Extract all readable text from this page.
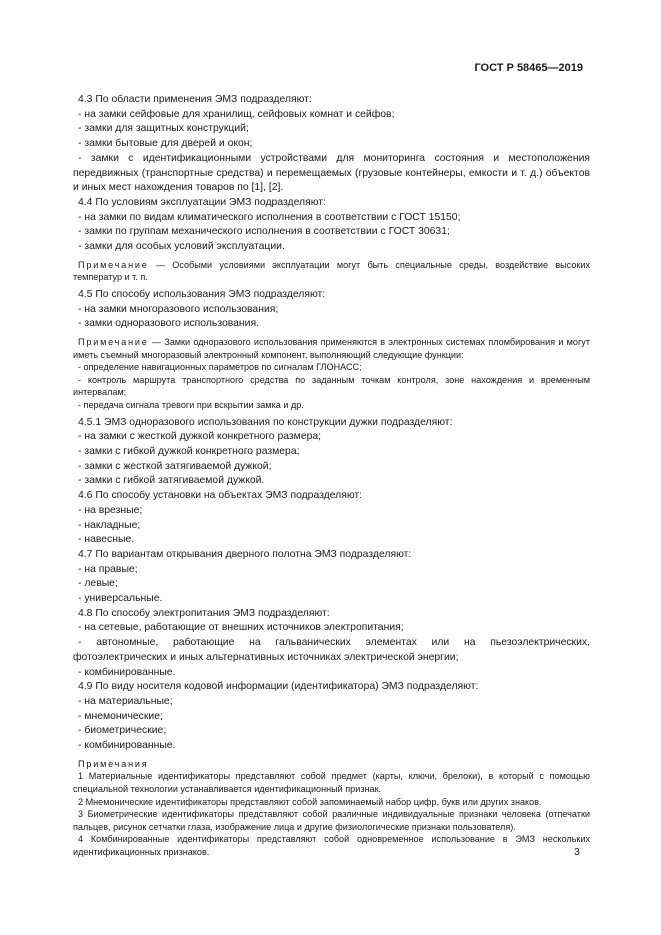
ГОСТ Р 58465—2019

4.3 По области применения ЭМЗ подразделяют:

- на замки сейфовые для хранилищ, сейфовых комнат и сейфов;

- замки для защитных конструкций;

- замки бытовые для дверей и окон;

- замки с идентификационными устройствами для мониторинга состояния и местоположения передвижных (транспортные средства) и перемещаемых (грузовые контейнеры, емкости и т. д.) объектов и иных мест нахождения товаров по [1], [2].

4.4 По условиям эксплуатации ЭМЗ подразделяют:

- на замки по видам климатического исполнения в соответствии с ГОСТ 15150;

- замки по группам механического исполнения в соответствии с ГОСТ 30631;

- замки для особых условий эксплуатации.

Примечание — Особыми условиями эксплуатации могут быть специальные среды, воздействие высоких температур и т. п.

4.5 По способу использования ЭМЗ подразделяют:

- на замки многоразового использования;

- замки одноразового использования.

Примечание — Замки одноразового использования применяются в электронных системах пломбирования и могут иметь съемный многоразовый электронный компонент, выполняющий следующие функции:

- определение навигационных параметров по сигналам ГЛОНАСС;

- контроль маршрута транспортного средства по заданным точкам контроля, зоне нахождения и временным интервалам;

- передача сигнала тревоги при вскрытии замка и др.

4.5.1 ЭМЗ одноразового использования по конструкции дужки подразделяют:

- на замки с жесткой дужкой конкретного размера;

- замки с гибкой дужкой конкретного размера;

- замки с жесткой затягиваемой дужкой;

- замки с гибкой затягиваемой дужкой.

4.6 По способу установки на объектах ЭМЗ подразделяют:

- на врезные;

- накладные;

- навесные.

4.7 По вариантам открывания дверного полотна ЭМЗ подразделяют:

- на правые;

- левые;

- универсальные.

4.8 По способу электропитания ЭМЗ подразделяют:

- на сетевые, работающие от внешних источников электропитания;

- автономные, работающие на гальванических элементах или на пьезоэлектрических, фотоэлектрических и иных альтернативных источниках электрической энергии;

- комбинированные.

4.9 По виду носителя кодовой информации (идентификатора) ЭМЗ подразделяют:

- на материальные;

- мнемонические;

- биометрические;

- комбинированные.

Примечания

1 Материальные идентификаторы представляют собой предмет (карты, ключи, брелоки), в который с помощью специальной технологии устанавливается идентификационный признак.

2 Мнемонические идентификаторы представляют собой запоминаемый набор цифр, букв или других знаков.

3 Биометрические идентификаторы представляют собой различные индивидуальные признаки человека (отпечатки пальцев, рисунок сетчатки глаза, изображение лица и другие физиологические признаки пользователя).

4 Комбинированные идентификаторы представляют собой одновременное использование в ЭМЗ нескольких идентификационных признаков.	3
